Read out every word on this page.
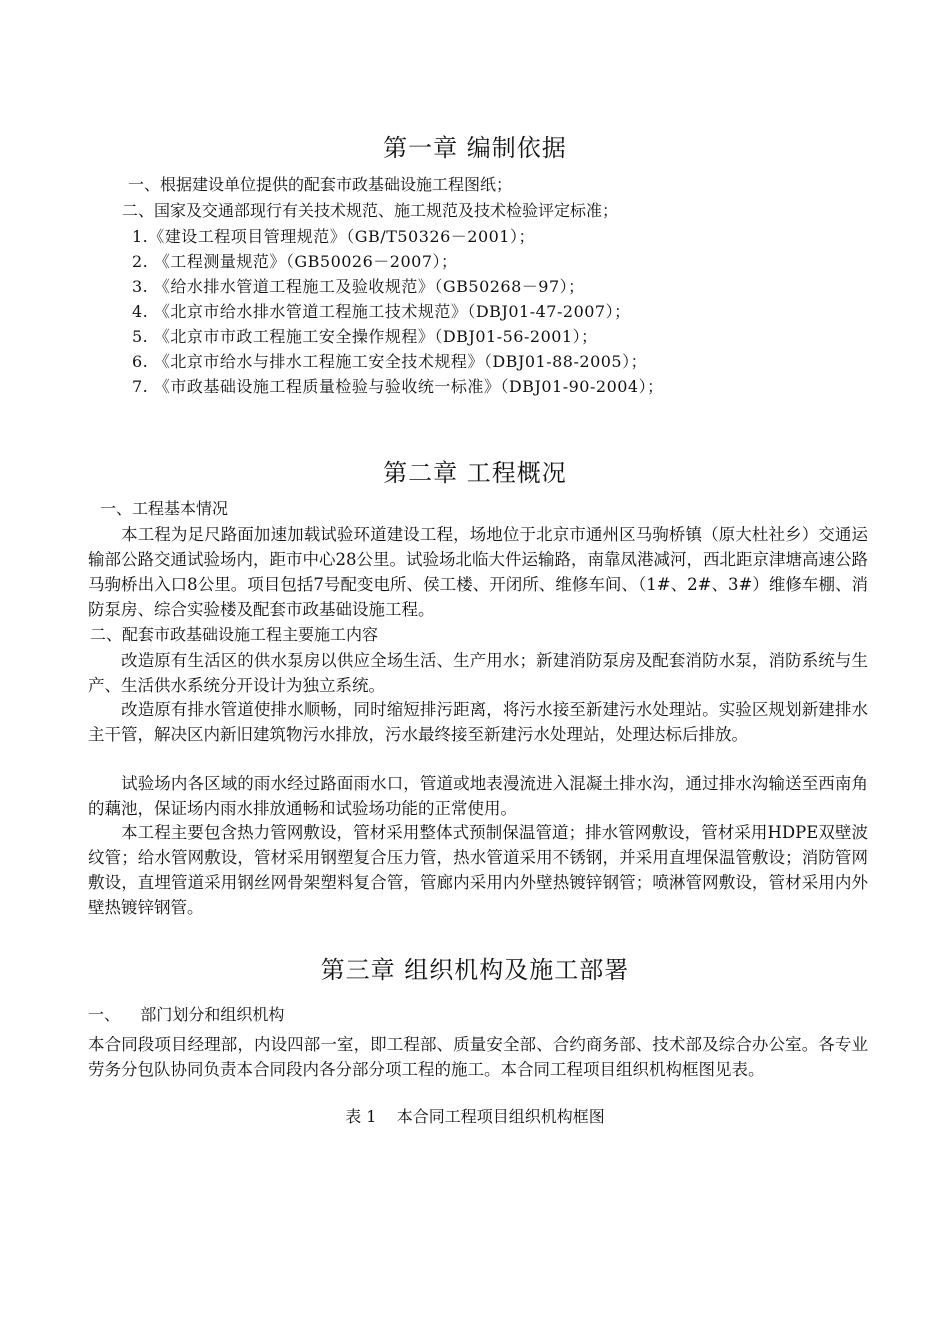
第一章 编制依据

一、根据建设单位提供的配套市政基础设施工程图纸；

二、国家及交通部现行有关技术规范、施工规范及技术检验评定标准；

1.《建设工程项目管理规范》（GB/T50326－2001）；

2. 《工程测量规范》（GB50026－2007）；

3. 《给水排水管道工程施工及验收规范》（GB50268－97）；

4. 《北京市给水排水管道工程施工技术规范》（DBJ01-47-2007）；

5. 《北京市市政工程施工安全操作规程》（DBJ01-56-2001）；

6. 《北京市给水与排水工程施工安全技术规程》（DBJ01-88-2005）；

7. 《市政基础设施工程质量检验与验收统一标准》（DBJ01-90-2004）；

第二章 工程概况

一、工程基本情况

本工程为足尺路面加速加载试验环道建设工程，场地位于北京市通州区马驹桥镇（原大杜社乡）交通运输部公路交通试验场内，距市中心28公里。试验场北临大件运输路，南靠凤港减河，西北距京津塘高速公路马驹桥出入口8公里。项目包括7号配变电所、侯工楼、开闭所、维修车间、（1#、2#、3#）维修车棚、消防泵房、综合实验楼及配套市政基础设施工程。

二、配套市政基础设施工程主要施工内容

改造原有生活区的供水泵房以供应全场生活、生产用水；新建消防泵房及配套消防水泵，消防系统与生产、生活供水系统分开设计为独立系统。

改造原有排水管道使排水顺畅，同时缩短排污距离，将污水接至新建污水处理站。实验区规划新建排水主干管，解决区内新旧建筑物污水排放，污水最终接至新建污水处理站，处理达标后排放。

试验场内各区域的雨水经过路面雨水口，管道或地表漫流进入混凝土排水沟，通过排水沟输送至西南角的藕池，保证场内雨水排放通畅和试验场功能的正常使用。

本工程主要包含热力管网敷设，管材采用整体式预制保温管道；排水管网敷设，管材采用HDPE双壁波纹管；给水管网敷设，管材采用钢塑复合压力管，热水管道采用不锈钢，并采用直埋保温管敷设；消防管网敷设，直埋管道采用钢丝网骨架塑料复合管，管廊内采用内外壁热镀锌钢管；喷淋管网敷设，管材采用内外壁热镀锌钢管。

第三章 组织机构及施工部署

一、    部门划分和组织机构

本合同段项目经理部，内设四部一室，即工程部、质量安全部、合约商务部、技术部及综合办公室。各专业劳务分包队协同负责本合同段内各分部分项工程的施工。本合同工程项目组织机构框图见表。

表 1    本合同工程项目组织机构框图
